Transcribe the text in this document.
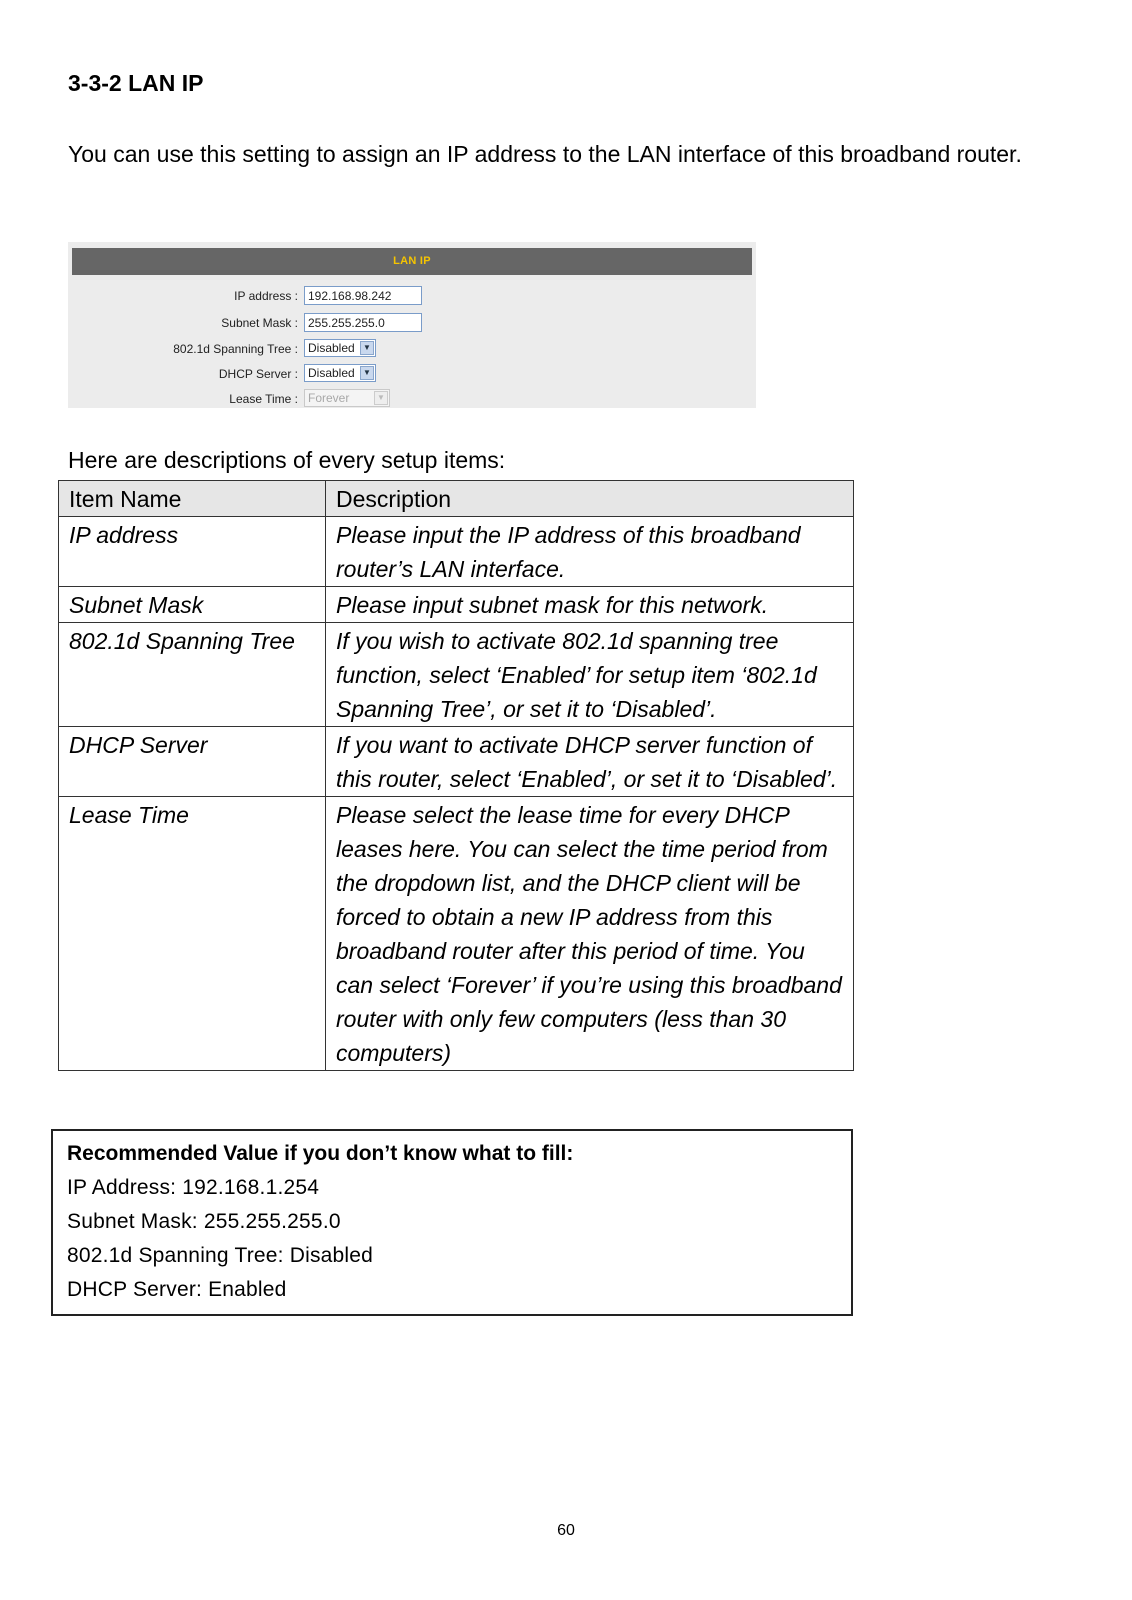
3-3-2 LAN IP
You can use this setting to assign an IP address to the LAN interface of this broadband router.
LAN IP
IP address : 192.168.98.242
Subnet Mask : 255.255.255.0
802.1d Spanning Tree : Disabled	▼
DHCP Server : Disabled	▼
Lease Time : Forever	▼
Here are descriptions of every setup items:
Item Name	Description
IP address	Please input the IP address of this broadband router’s LAN interface.
Subnet Mask	Please input subnet mask for this network.
802.1d Spanning Tree	If you wish to activate 802.1d spanning tree function, select ‘Enabled’ for setup item ‘802.1d Spanning Tree’, or set it to ‘Disabled’.
DHCP Server	If you want to activate DHCP server function of this router, select ‘Enabled’, or set it to ‘Disabled’.
Lease Time	Please select the lease time for every DHCP leases here. You can select the time period from the dropdown list, and the DHCP client will be forced to obtain a new IP address from this broadband router after this period of time. You can select ‘Forever’ if you’re using this broadband router with only few computers (less than 30 computers)
Recommended Value if you don’t know what to fill:
IP Address: 192.168.1.254
Subnet Mask: 255.255.255.0
802.1d Spanning Tree: Disabled
DHCP Server: Enabled
60
